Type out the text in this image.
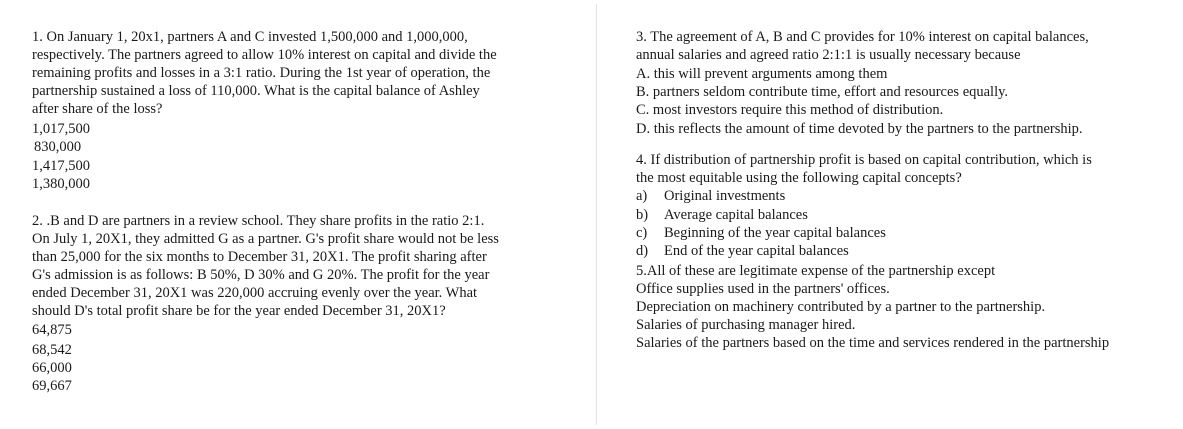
1. On January 1, 20x1, partners A and C invested 1,500,000 and 1,000,000,
respectively. The partners agreed to allow 10% interest on capital and divide the
remaining profits and losses in a 3:1 ratio. During the 1st year of operation, the
partnership sustained a loss of 110,000. What is the capital balance of Ashley
after share of the loss?
1,017,500
830,000
1,417,500
1,380,000
2. .B and D are partners in a review school. They share profits in the ratio 2:1.
On July 1, 20X1, they admitted G as a partner. G's profit share would not be less
than 25,000 for the six months to December 31, 20X1. The profit sharing after
G's admission is as follows: B 50%, D 30% and G 20%. The profit for the year
ended December 31, 20X1 was 220,000 accruing evenly over the year. What
should D's total profit share be for the year ended December 31, 20X1?
64,875
68,542
66,000
69,667
3. The agreement of A, B and C provides for 10% interest on capital balances,
annual salaries and agreed ratio 2:1:1 is usually necessary because
A. this will prevent arguments among them
B. partners seldom contribute time, effort and resources equally.
C. most investors require this method of distribution.
D. this reflects the amount of time devoted by the partners to the partnership.
4. If distribution of partnership profit is based on capital contribution, which is
the most equitable using the following capital concepts?
a) Original investments
b) Average capital balances
c) Beginning of the year capital balances
d) End of the year capital balances
5.All of these are legitimate expense of the partnership except
Office supplies used in the partners' offices.
Depreciation on machinery contributed by a partner to the partnership.
Salaries of purchasing manager hired.
Salaries of the partners based on the time and services rendered in the partnership
